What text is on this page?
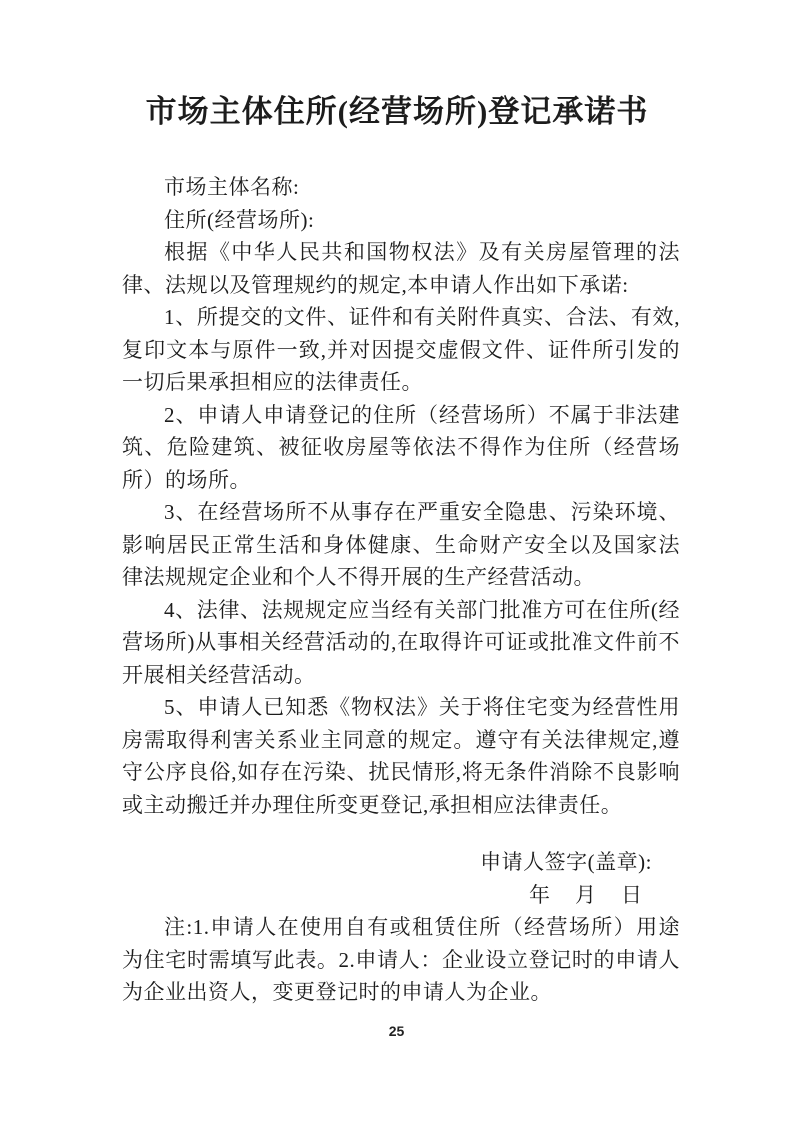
市场主体住所(经营场所)登记承诺书

市场主体名称:

住所(经营场所):

根据《中华人民共和国物权法》及有关房屋管理的法律、法规以及管理规约的规定,本申请人作出如下承诺:

1、所提交的文件、证件和有关附件真实、合法、有效,复印文本与原件一致,并对因提交虚假文件、证件所引发的一切后果承担相应的法律责任。

2、申请人申请登记的住所（经营场所）不属于非法建筑、危险建筑、被征收房屋等依法不得作为住所（经营场所）的场所。

3、在经营场所不从事存在严重安全隐患、污染环境、影响居民正常生活和身体健康、生命财产安全以及国家法律法规规定企业和个人不得开展的生产经营活动。

4、法律、法规规定应当经有关部门批准方可在住所(经营场所)从事相关经营活动的,在取得许可证或批准文件前不开展相关经营活动。

5、申请人已知悉《物权法》关于将住宅变为经营性用房需取得利害关系业主同意的规定。遵守有关法律规定,遵守公序良俗,如存在污染、扰民情形,将无条件消除不良影响或主动搬迁并办理住所变更登记,承担相应法律责任。

申请人签字(盖章):

年　月　日

注:1.申请人在使用自有或租赁住所（经营场所）用途为住宅时需填写此表。2.申请人：企业设立登记时的申请人为企业出资人，变更登记时的申请人为企业。

25
